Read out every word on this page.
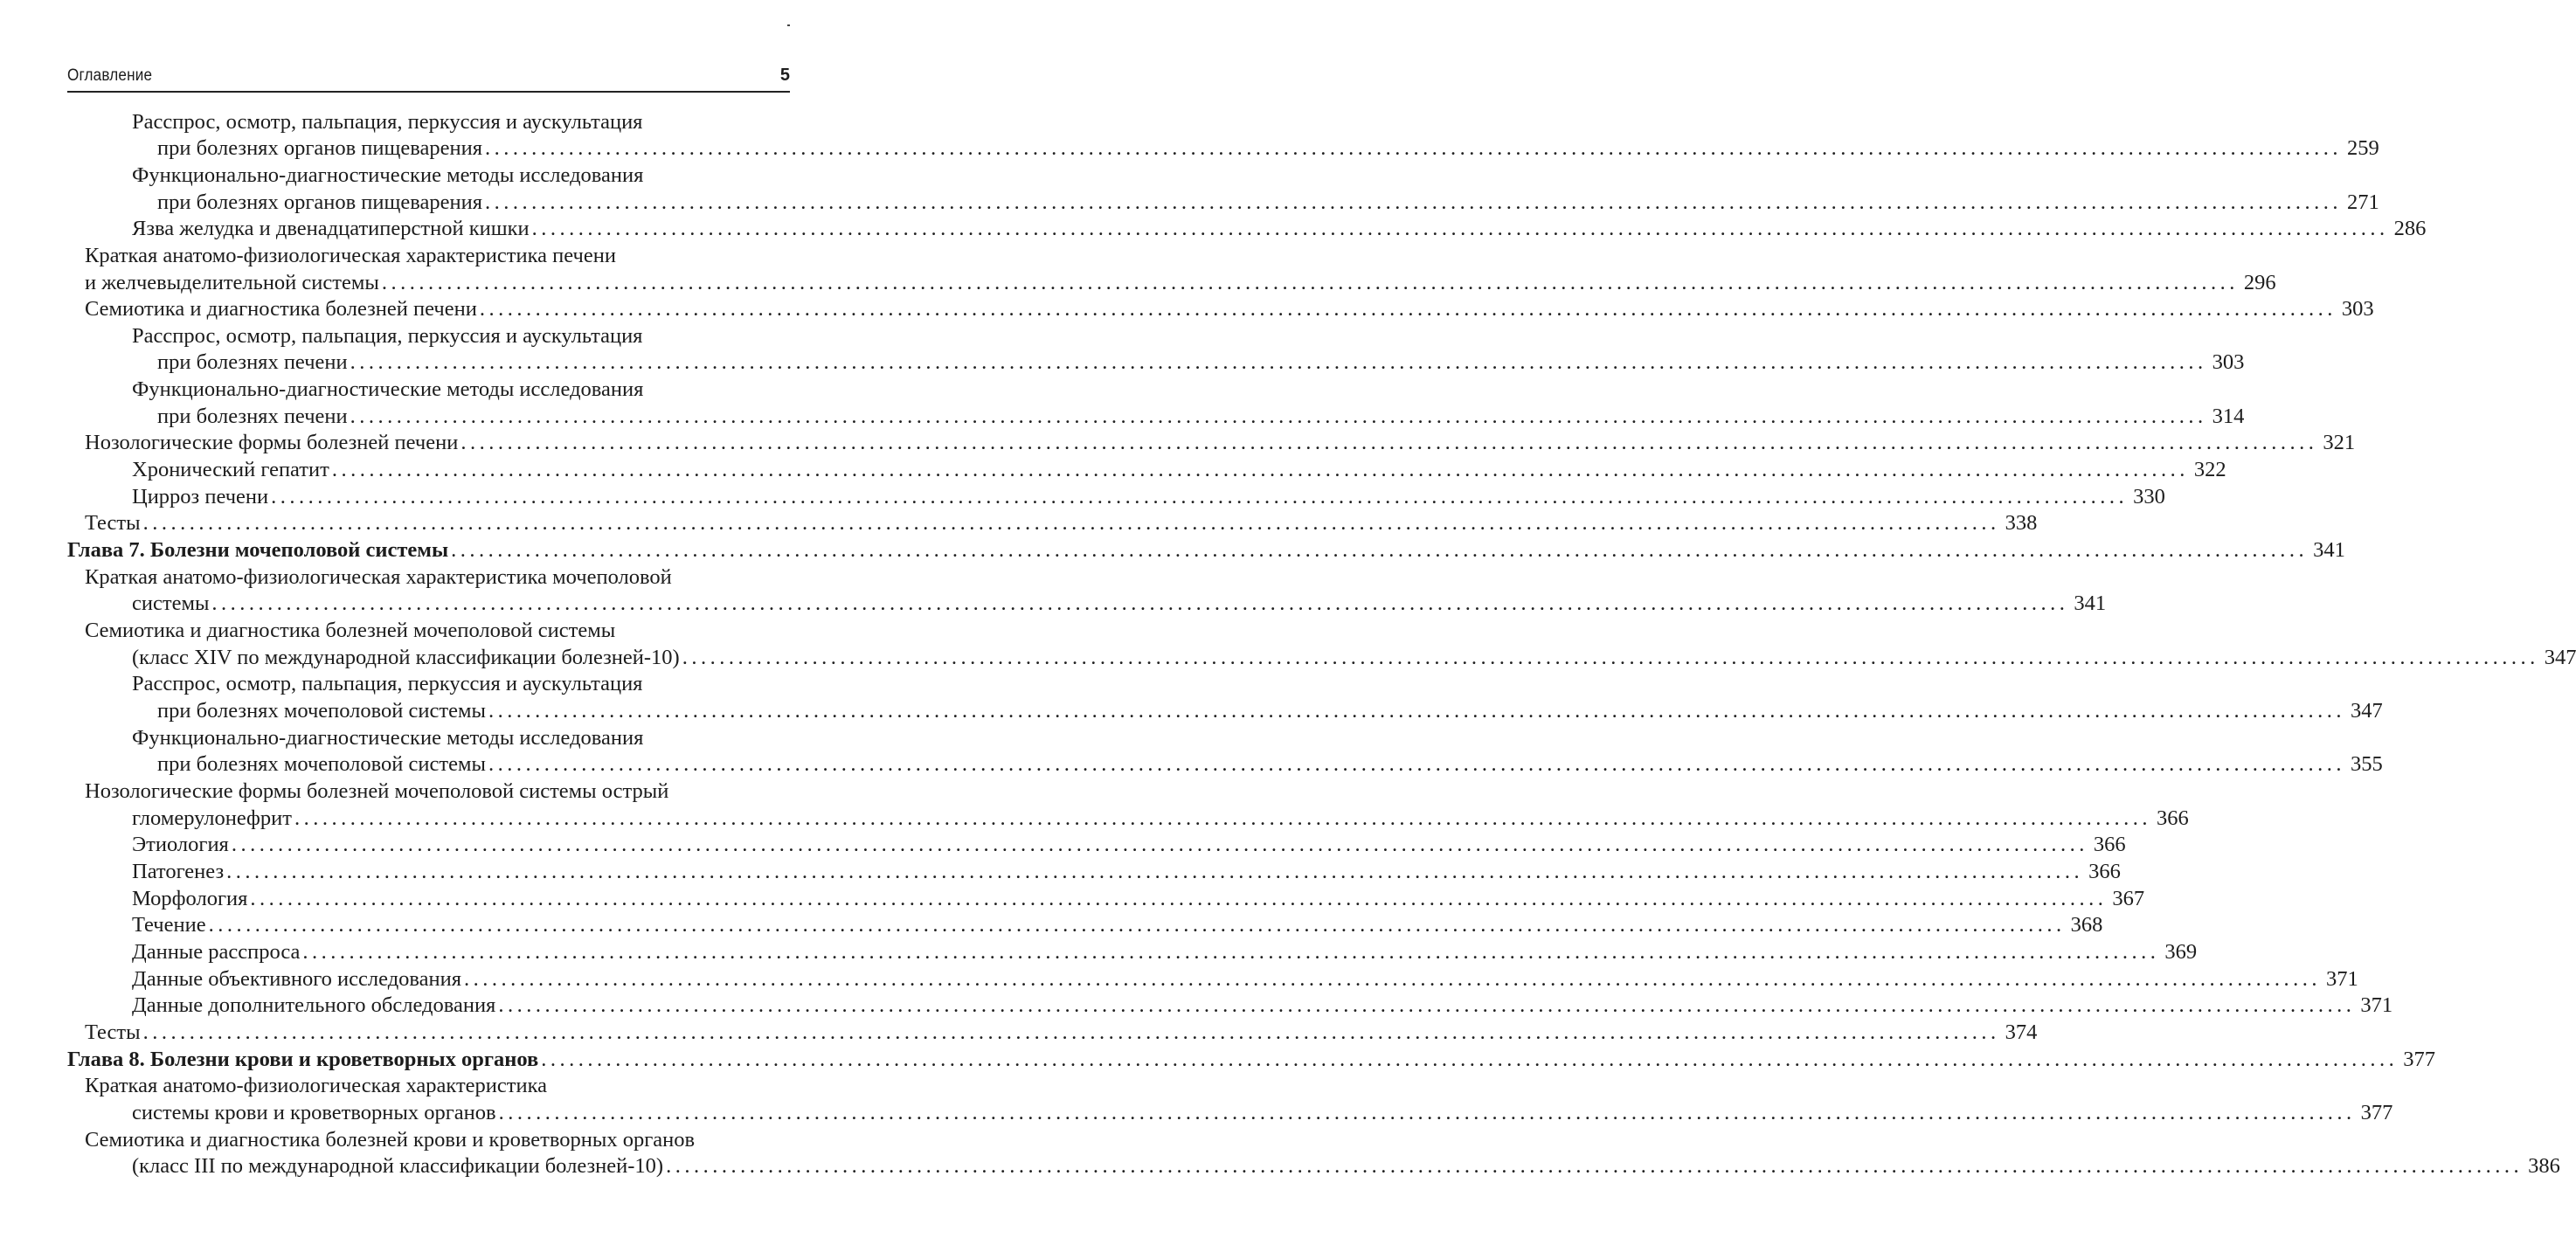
Оглавление	5
Расспрос, осмотр, пальпация, перкуссия и аускультация
при болезнях органов пищеварения ........................................................................................................................................................................................................ 259
Функционально-диагностические методы исследования
при болезнях органов пищеварения ........................................................................................................................................................................................................ 271
Язва желудка и двенадцатиперстной кишки ........................................................................................................................................................................................................ 286
Краткая анатомо-физиологическая характеристика печени
и желчевыделительной системы ........................................................................................................................................................................................................ 296
Семиотика и диагностика болезней печени ........................................................................................................................................................................................................ 303
Расспрос, осмотр, пальпация, перкуссия и аускультация
при болезнях печени ........................................................................................................................................................................................................ 303
Функционально-диагностические методы исследования
при болезнях печени ........................................................................................................................................................................................................ 314
Нозологические формы болезней печени ........................................................................................................................................................................................................ 321
Хронический гепатит ........................................................................................................................................................................................................ 322
Цирроз печени ........................................................................................................................................................................................................ 330
Тесты ........................................................................................................................................................................................................ 338
Глава 7. Болезни мочеполовой системы ........................................................................................................................................................................................................ 341
Краткая анатомо-физиологическая характеристика мочеполовой
системы ........................................................................................................................................................................................................ 341
Семиотика и диагностика болезней мочеполовой системы
(класс XIV по международной классификации болезней-10) ........................................................................................................................................................................................................ 347
Расспрос, осмотр, пальпация, перкуссия и аускультация
при болезнях мочеполовой системы ........................................................................................................................................................................................................ 347
Функционально-диагностические методы исследования
при болезнях мочеполовой системы ........................................................................................................................................................................................................ 355
Нозологические формы болезней мочеполовой системы острый
гломерулонефрит ........................................................................................................................................................................................................ 366
Этиология ........................................................................................................................................................................................................ 366
Патогенез ........................................................................................................................................................................................................ 366
Морфология ........................................................................................................................................................................................................ 367
Течение ........................................................................................................................................................................................................ 368
Данные расспроса ........................................................................................................................................................................................................ 369
Данные объективного исследования ........................................................................................................................................................................................................ 371
Данные дополнительного обследования ........................................................................................................................................................................................................ 371
Тесты ........................................................................................................................................................................................................ 374
Глава 8. Болезни крови и кроветворных органов ........................................................................................................................................................................................................ 377
Краткая анатомо-физиологическая характеристика
системы крови и кроветворных органов ........................................................................................................................................................................................................ 377
Семиотика и диагностика болезней крови и кроветворных органов
(класс III по международной классификации болезней-10) ........................................................................................................................................................................................................ 386
